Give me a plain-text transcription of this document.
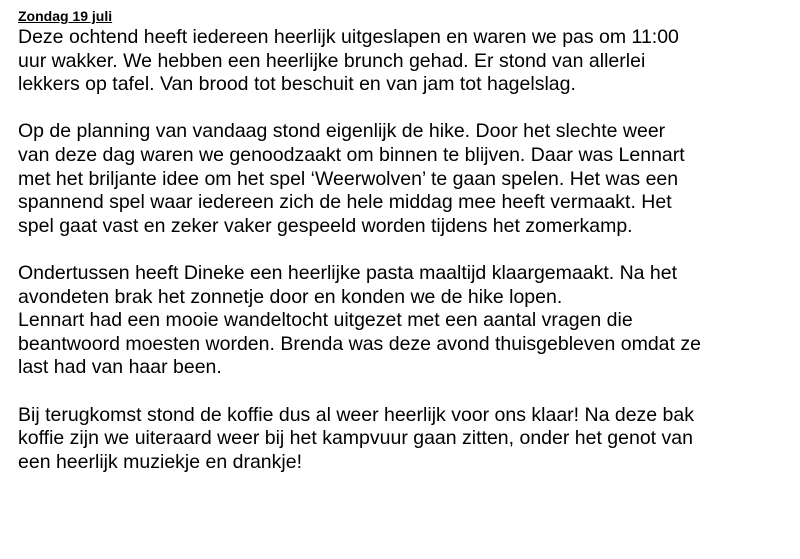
Zondag 19 juli
Deze ochtend heeft iedereen heerlijk uitgeslapen en waren we pas om 11:00
uur wakker. We hebben een heerlijke brunch gehad. Er stond van allerlei
lekkers op tafel. Van brood tot beschuit en van jam tot hagelslag.
Op de planning van vandaag stond eigenlijk de hike. Door het slechte weer
van deze dag waren we genoodzaakt om binnen te blijven. Daar was Lennart
met het briljante idee om het spel ‘Weerwolven’ te gaan spelen. Het was een
spannend spel waar iedereen zich de hele middag mee heeft vermaakt. Het
spel gaat vast en zeker vaker gespeeld worden tijdens het zomerkamp.
Ondertussen heeft Dineke een heerlijke pasta maaltijd klaargemaakt. Na het
avondeten brak het zonnetje door en konden we de hike lopen.
Lennart had een mooie wandeltocht uitgezet met een aantal vragen die
beantwoord moesten worden. Brenda was deze avond thuisgebleven omdat ze
last had van haar been.
Bij terugkomst stond de koffie dus al weer heerlijk voor ons klaar! Na deze bak
koffie zijn we uiteraard weer bij het kampvuur gaan zitten, onder het genot van
een heerlijk muziekje en drankje!
